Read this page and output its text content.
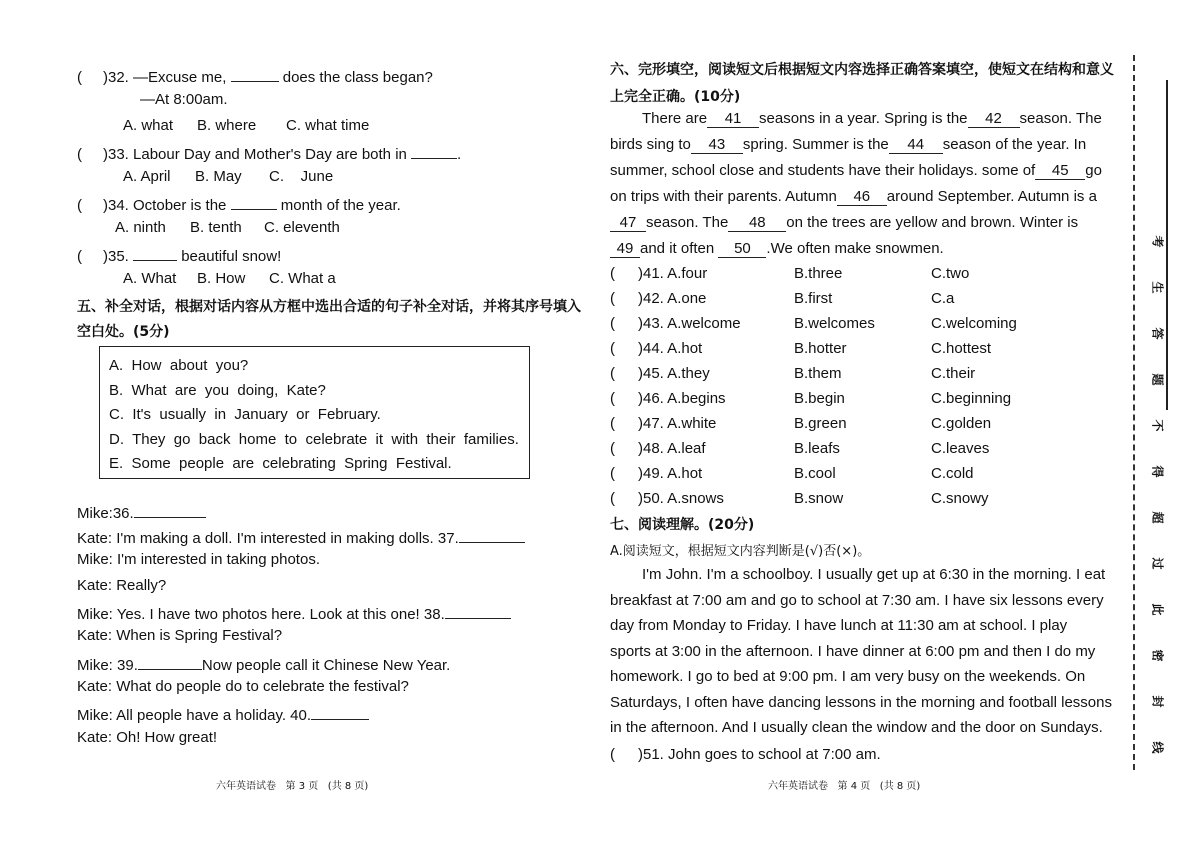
( )32. —Excuse me,	does the class began?
—At 8:00am.
A. what B. where C. what time
( )33. Labour Day and Mother's Day are both in	.
A. April B. May C.    June
( )34. October is the	month of the year.
A. ninth B. tenth C. eleventh
( )35.	beautiful snow!
A. What B. How C. What a
五、补全对话，根据对话内容从方框中选出合适的句子补全对话，并将其序号填入
空白处。(5分)
A.  How  about  you?
B.  What  are  you  doing,  Kate?
C.  It's  usually  in  January  or  February.
D.  They  go  back  home  to  celebrate  it  with  their  families.
E.  Some  people  are  celebrating  Spring  Festival.
Mike:36.
Kate: I'm making a doll. I'm interested in making dolls. 37.
Mike: I'm interested in taking photos.
Kate: Really?
Mike: Yes. I have two photos here. Look at this one! 38.
Kate: When is Spring Festival?
Mike: 39.	Now people call it Chinese New Year.
Kate: What do people do to celebrate the festival?
Mike: All people have a holiday. 40.
Kate: Oh! How great!
六年英语试卷   第 3 页   (共 8 页)
六、完形填空，阅读短文后根据短文内容选择正确答案填空，使短文在结构和意义
上完全正确。(10分)
There are 41 seasons in a year. Spring is the 42 season. The
birds sing to 43 spring. Summer is the 44 season of the year. In
summer, school close and students have their holidays. some of 45 go
on trips with their parents. Autumn 46 around September. Autumn is a
47 season. The 48 on the trees are yellow and brown. Winter is
49 and it often 50 .We often make snowmen.
( )41. A.four	B.three	C.two
( )42. A.one	B.first	C.a
( )43. A.welcome	B.welcomes	C.welcoming
( )44. A.hot	B.hotter	C.hottest
( )45. A.they	B.them	C.their
( )46. A.begins	B.begin	C.beginning
( )47. A.white	B.green	C.golden
( )48. A.leaf	B.leafs	C.leaves
( )49. A.hot	B.cool	C.cold
( )50. A.snows	B.snow	C.snowy
七、阅读理解。(20分)
A.阅读短文，根据短文内容判断是(√)否(×)。
I'm John. I'm a schoolboy. I usually get up at 6:30 in the morning. I eat
breakfast at 7:00 am and go to school at 7:30 am. I have six lessons every
day from Monday to Friday. I have lunch at 11:30 am at school. I play
sports at 3:00 in the afternoon. I have dinner at 6:00 pm and then I do my
homework. I go to bed at 9:00 pm. I am very busy on the weekends. On
Saturdays, I often have dancing lessons in the morning and football lessons
in the afternoon. And I usually clean the window and the door on Sundays.
( )51. John goes to school at 7:00 am.
六年英语试卷   第 4 页   (共 8 页)
考
生
答
题
不
得
超
过
此
密
封
线
